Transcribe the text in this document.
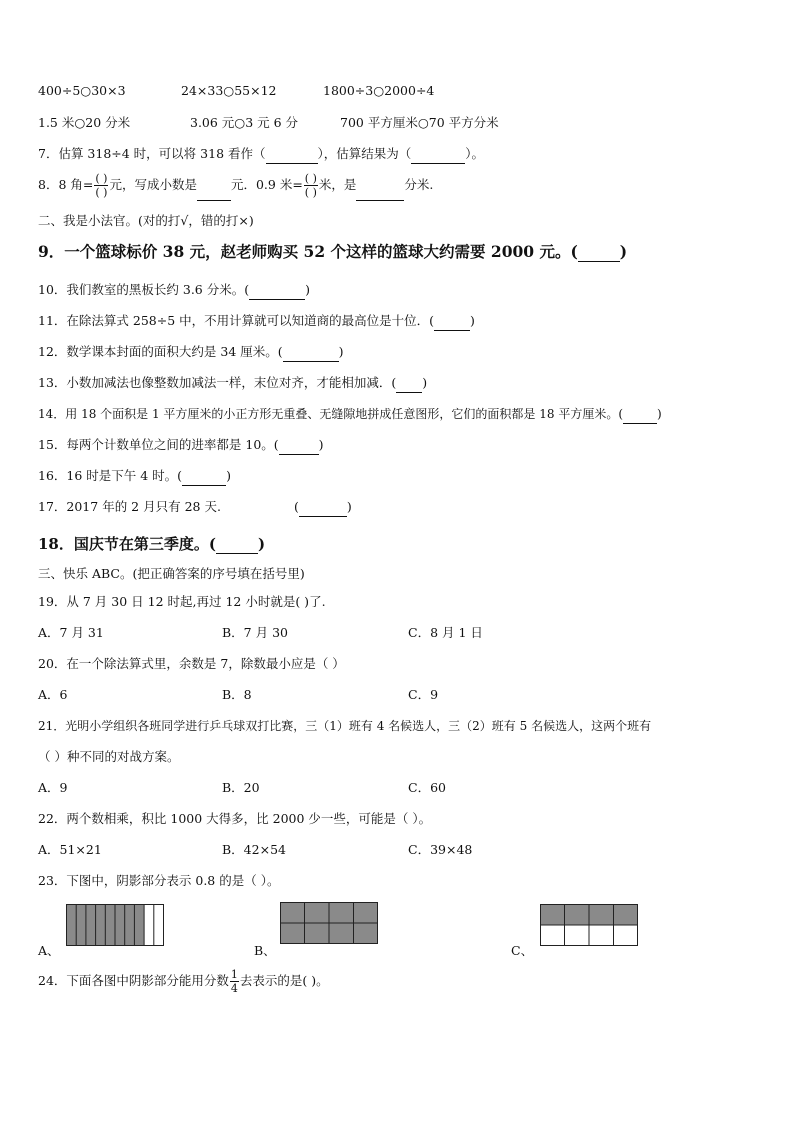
400÷5○30×3	24×33○55×12	1800÷3○2000÷4
1.5 米○20 分米	3.06 元○3 元 6 分	700 平方厘米○70 平方分米
7．估算 318÷4 时，可以将 318 看作（	），估算结果为（	）。
8．8 角= $\frac{( )}{( )}$ 元，写成小数是	元．0.9 米= $\frac{( )}{( )}$ 米，是	分米.
二、我是小法官。(对的打√，错的打×)
9．一个篮球标价 38 元，赵老师购买 52 个这样的篮球大约需要 2000 元。(	)
10．我们教室的黑板长约 3.6 分米。(	)
11．在除法算式 258÷5 中，不用计算就可以知道商的最高位是十位．(	)
12．数学课本封面的面积大约是 34 厘米。(	)
13．小数加减法也像整数加减法一样，末位对齐，才能相加减．( )
14．用 18 个面积是 1 平方厘米的小正方形无重叠、无缝隙地拼成任意图形，它们的面积都是 18 平方厘米。(	)
15．每两个计数单位之间的进率都是 10。(	)
16．16 时是下午 4 时。(	)
17．2017 年的 2 月只有 28 天.	(	)
18．国庆节在第三季度。(	)
三、快乐 ABC。(把正确答案的序号填在括号里)
19．从 7 月 30 日 12 时起,再过 12 小时就是( )了.
A．7 月 31	B．7 月 30	C．8 月 1 日
20．在一个除法算式里，余数是 7，除数最小应是（ ）
A．6	B．8	C．9
21．光明小学组织各班同学进行乒乓球双打比赛，三（1）班有 4 名候选人，三（2）班有 5 名候选人，这两个班有
（ ）种不同的对战方案。
A．9	B．20	C．60
22．两个数相乘，积比 1000 大得多，比 2000 少一些，可能是（ ）。
A．51×21	B．42×54	C．39×48
23．下图中，阴影部分表示 0.8 的是（ ）。
A、	B、	C、
24．下面各图中阴影部分能用分数 $\frac{1}{4}$ 去表示的是( )。
